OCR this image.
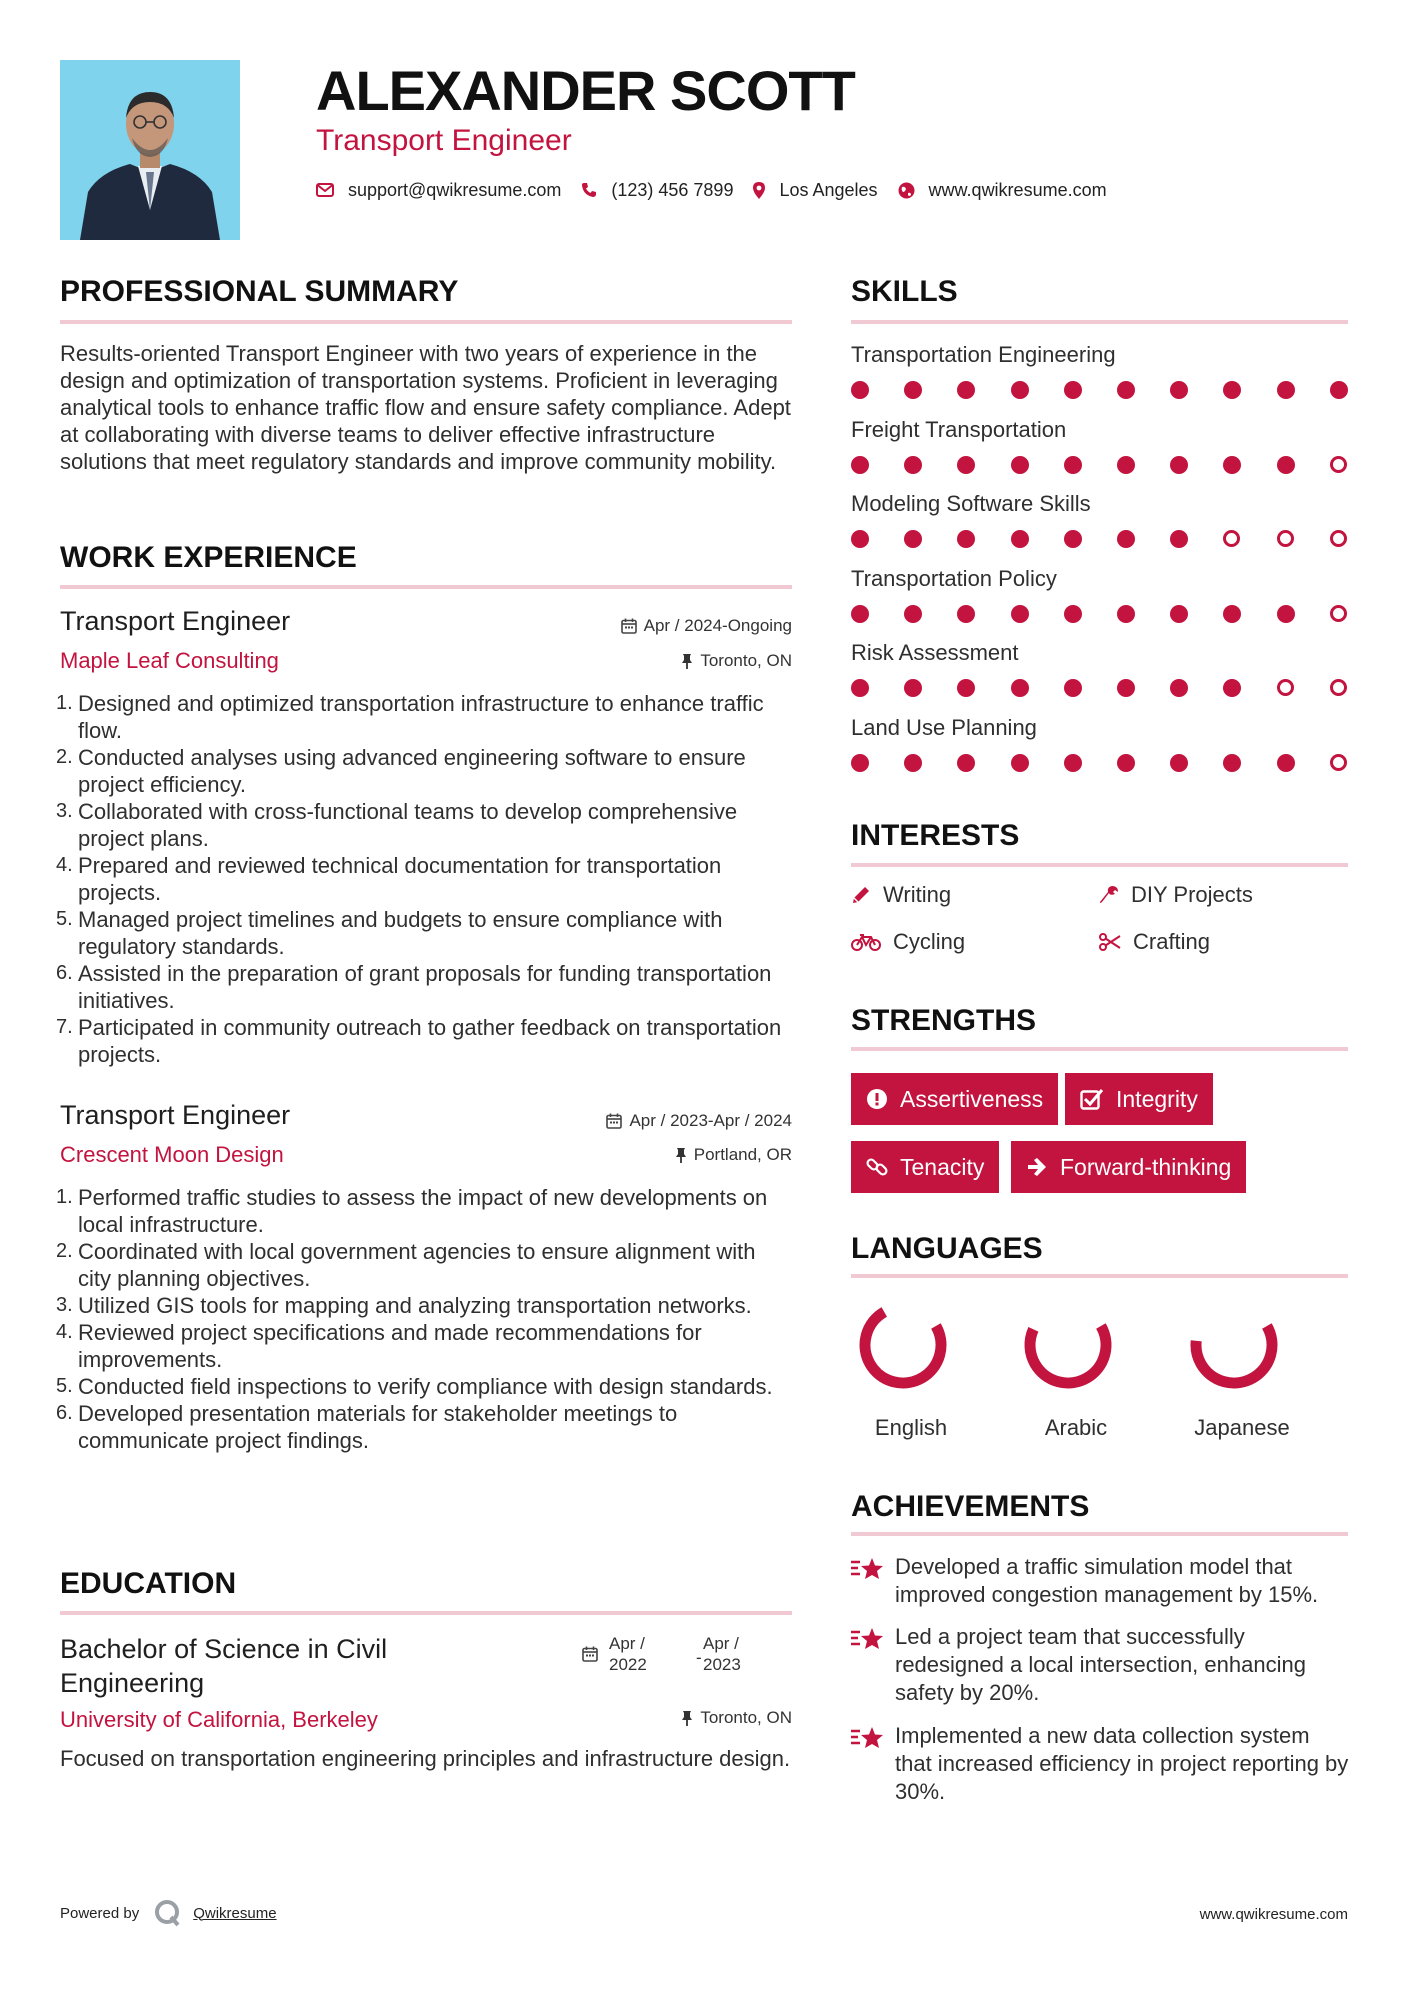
ALEXANDER SCOTT
Transport Engineer
support@qwikresume.com	(123) 456 7899	Los Angeles	www.qwikresume.com
PROFESSIONAL SUMMARY
Results-oriented Transport Engineer with two years of experience in the design and optimization of transportation systems. Proficient in leveraging analytical tools to enhance traffic flow and ensure safety compliance. Adept at collaborating with diverse teams to deliver effective infrastructure solutions that meet regulatory standards and improve community mobility.
WORK EXPERIENCE
Transport Engineer	Apr / 2024-Ongoing
Maple Leaf Consulting	Toronto, ON
Designed and optimized transportation infrastructure to enhance traffic flow.
Conducted analyses using advanced engineering software to ensure project efficiency.
Collaborated with cross-functional teams to develop comprehensive project plans.
Prepared and reviewed technical documentation for transportation projects.
Managed project timelines and budgets to ensure compliance with regulatory standards.
Assisted in the preparation of grant proposals for funding transportation initiatives.
Participated in community outreach to gather feedback on transportation projects.
Transport Engineer	Apr / 2023-Apr / 2024
Crescent Moon Design	Portland, OR
Performed traffic studies to assess the impact of new developments on local infrastructure.
Coordinated with local government agencies to ensure alignment with city planning objectives.
Utilized GIS tools for mapping and analyzing transportation networks.
Reviewed project specifications and made recommendations for improvements.
Conducted field inspections to verify compliance with design standards.
Developed presentation materials for stakeholder meetings to communicate project findings.
EDUCATION
Bachelor of Science in Civil
Engineering
Apr /
2022	-
Apr /
2023
University of California, Berkeley	Toronto, ON
Focused on transportation engineering principles and infrastructure design.
SKILLS
Transportation Engineering
Freight Transportation
Modeling Software Skills
Transportation Policy
Risk Assessment
Land Use Planning
INTERESTS
Writing	DIY Projects
Cycling	Crafting
STRENGTHS
Assertiveness	Integrity
Tenacity	Forward-thinking
LANGUAGES
English	Arabic	Japanese
ACHIEVEMENTS
Developed a traffic simulation model that improved congestion management by 15%.
Led a project team that successfully redesigned a local intersection, enhancing safety by 20%.
Implemented a new data collection system that increased efficiency in project reporting by 30%.
Powered by	Qwikresume	www.qwikresume.com
